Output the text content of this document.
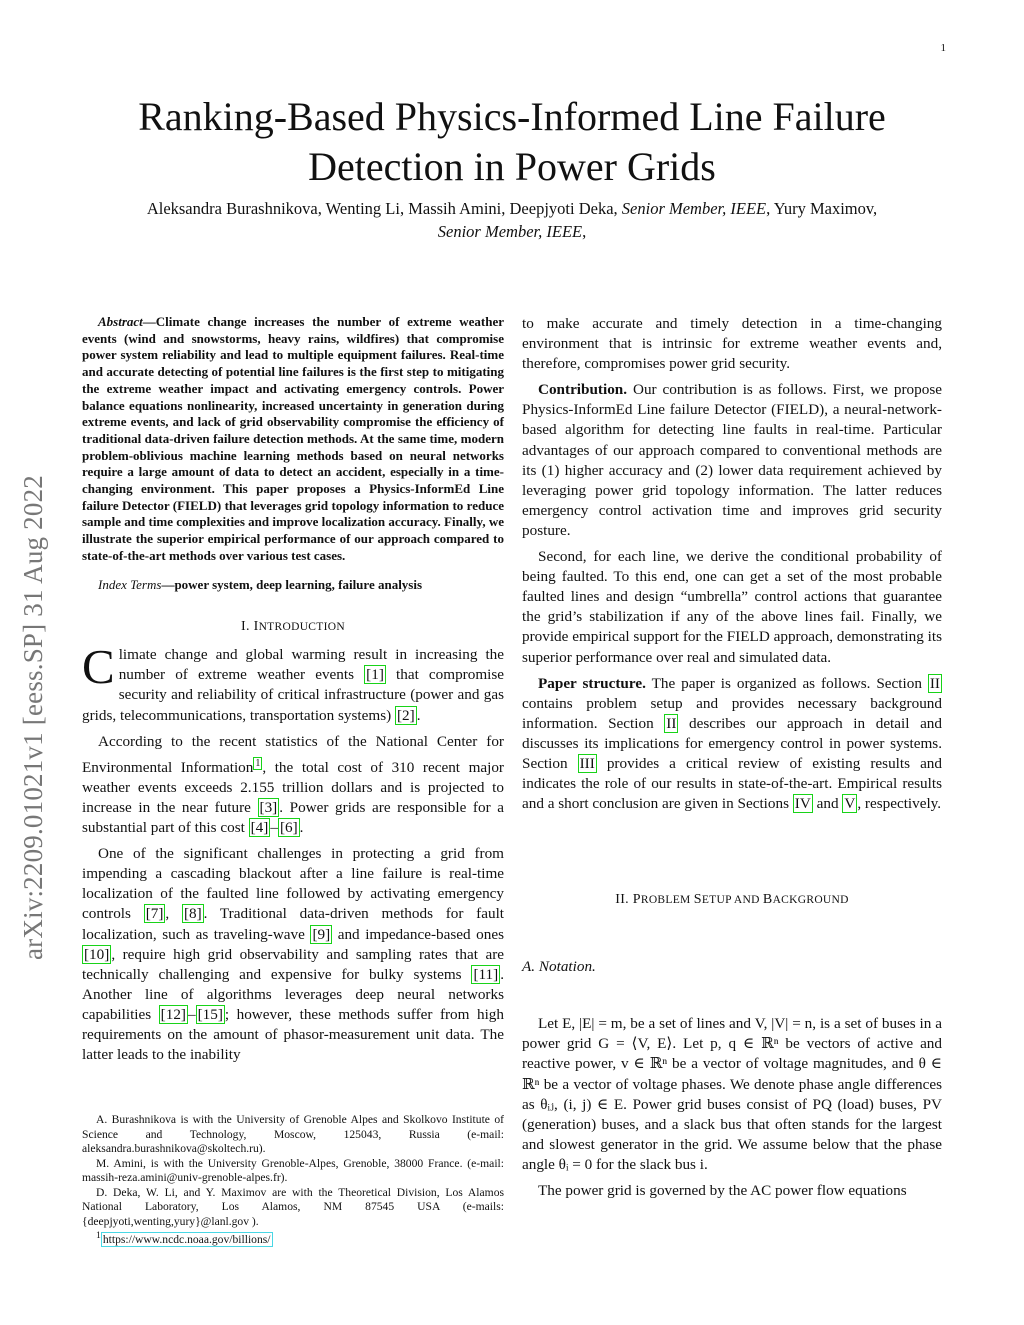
1
arXiv:2209.01021v1 [eess.SP] 31 Aug 2022
Ranking-Based Physics-Informed Line Failure Detection in Power Grids
Aleksandra Burashnikova, Wenting Li, Massih Amini, Deepjyoti Deka, Senior Member, IEEE, Yury Maximov,
Senior Member, IEEE,

Abstract—Climate change increases the number of extreme weather events (wind and snowstorms, heavy rains, wildfires) that compromise power system reliability and lead to multiple equipment failures. Real-time and accurate detecting of potential line failures is the first step to mitigating the extreme weather impact and activating emergency controls. Power balance equations nonlinearity, increased uncertainty in generation during extreme events, and lack of grid observability compromise the efficiency of traditional data-driven failure detection methods. At the same time, modern problem-oblivious machine learning methods based on neural networks require a large amount of data to detect an accident, especially in a time-changing environment. This paper proposes a Physics-InformEd Line failure Detector (FIELD) that leverages grid topology information to reduce sample and time complexities and improve localization accuracy. Finally, we illustrate the superior empirical performance of our approach compared to state-of-the-art methods over various test cases.

Index Terms—power system, deep learning, failure analysis

I. INTRODUCTION

Climate change and global warming result in increasing the number of extreme weather events [1] that compromise security and reliability of critical infrastructure (power and gas grids, telecommunications, transportation systems) [2] .

According to the recent statistics of the National Center for Environmental Information $^1$ , the total cost of 310 recent major weather events exceeds 2.155 trillion dollars and is projected to increase in the near future [3] . Power grids are responsible for a substantial part of this cost [4] – [6] .

One of the significant challenges in protecting a grid from impending a cascading blackout after a line failure is real-time localization of the faulted line followed by activating emergency controls [7] , [8] . Traditional data-driven methods for fault localization, such as traveling-wave [9] and impedance-based ones [10] , require high grid observability and sampling rates that are technically challenging and expensive for bulky systems [11] . Another line of algorithms leverages deep neural networks capabilities [12] – [15] ; however, these methods suffer from high requirements on the amount of phasor-measurement unit data. The latter leads to the inability

A. Burashnikova is with the University of Grenoble Alpes and Skolkovo Institute of Science and Technology, Moscow, 125043, Russia (e-mail: aleksandra.burashnikova@skoltech.ru).

M. Amini, is with the University Grenoble-Alpes, Grenoble, 38000 France. (e-mail: massih-reza.amini@univ-grenoble-alpes.fr).

D. Deka, W. Li, and Y. Maximov are with the Theoretical Division, Los Alamos National Laboratory, Los Alamos, NM 87545 USA (e-mails: {deepjyoti,wenting,yury}@lanl.gov ).

$^1$ https://www.ncdc.noaa.gov/billions/

to make accurate and timely detection in a time-changing environment that is intrinsic for extreme weather events and, therefore, compromises power grid security.

Contribution. Our contribution is as follows. First, we propose Physics-InformEd Line failure Detector (FIELD), a neural-network-based algorithm for detecting line faults in real-time. Particular advantages of our approach compared to conventional methods are its (1) higher accuracy and (2) lower data requirement achieved by leveraging power grid topology information. The latter reduces emergency control activation time and improves grid security posture.

Second, for each line, we derive the conditional probability of being faulted. To this end, one can get a set of the most probable faulted lines and design “umbrella” control actions that guarantee the grid’s stabilization if any of the above lines fail. Finally, we provide empirical support for the FIELD approach, demonstrating its superior performance over real and simulated data.

Paper structure. The paper is organized as follows. Section II contains problem setup and provides necessary background information. Section II describes our approach in detail and discusses its implications for emergency control in power systems. Section III provides a critical review of existing results and indicates the role of our results in state-of-the-art. Empirical results and a short conclusion are given in Sections IV and V , respectively.

II. PROBLEM SETUP AND BACKGROUND

A. Notation.

Let E, |E| = m, be a set of lines and V, |V| = n, is a set of buses in a power grid G = ⟨V, E⟩. Let p, q ∈ ℝⁿ be vectors of active and reactive power, v ∈ ℝⁿ be a vector of voltage magnitudes, and θ ∈ ℝⁿ be a vector of voltage phases. We denote phase angle differences as θᵢⱼ, (i, j) ∈ E. Power grid buses consist of PQ (load) buses, PV (generation) buses, and a slack bus that often stands for the largest and slowest generator in the grid. We assume below that the phase angle θᵢ = 0 for the slack bus i.

The power grid is governed by the AC power flow equations
